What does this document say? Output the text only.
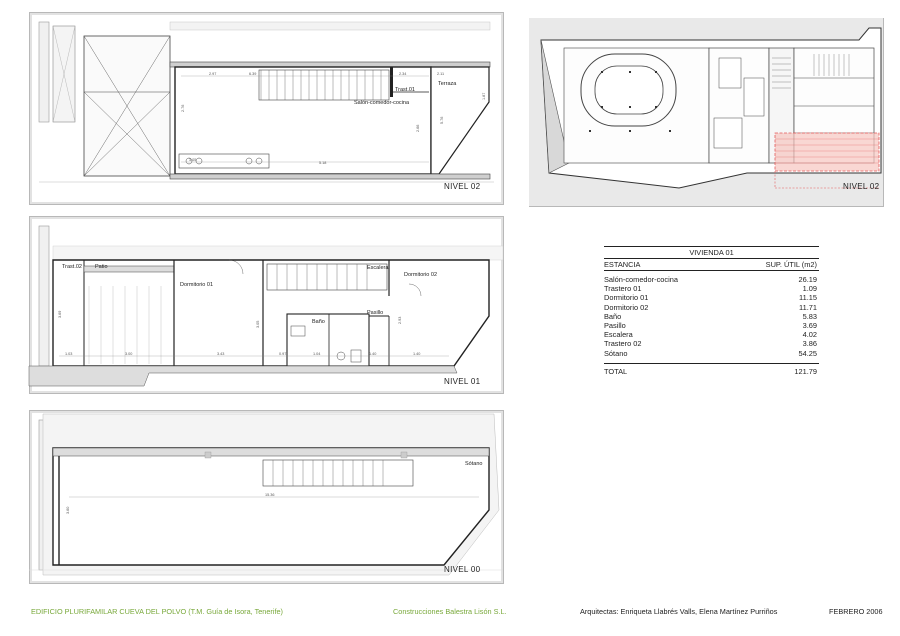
2.97	6.39	2.34	2.11
3.05
5.18
2.76
2.66
5.76
1.87
Terraza
Trast.01
Salón-comedor-cocina
NIVEL 02	NIVEL 02
1.03	3.00	3.43	0.97	1.04	1.40	1.40
3.69
3.05
2.93
Trast.02 Patio
Dormitorio 01
Escalera
Dormitorio 02
Pasillo
Baño
NIVEL 01
15.36
3.60
Sótano
NIVEL 00
VIVIENDA 01
ESTANCIA	SUP. ÚTIL (m2)
Salón-comedor-cocina	26.19
Trastero 01	1.09
Dormitorio 01	11.15
Dormitorio 02	11.71
Baño	5.83
Pasillo	3.69
Escalera	4.02
Trastero 02	3.86
Sótano	54.25
TOTAL	121.79
EDIFICIO PLURIFAMILAR CUEVA DEL POLVO (T.M. Guía de Isora, Tenerife)	Construcciones Balestra Lisón S.L.	Arquitectas: Enriqueta Llabrés Valls, Elena Martínez Purriños	FEBRERO 2006
